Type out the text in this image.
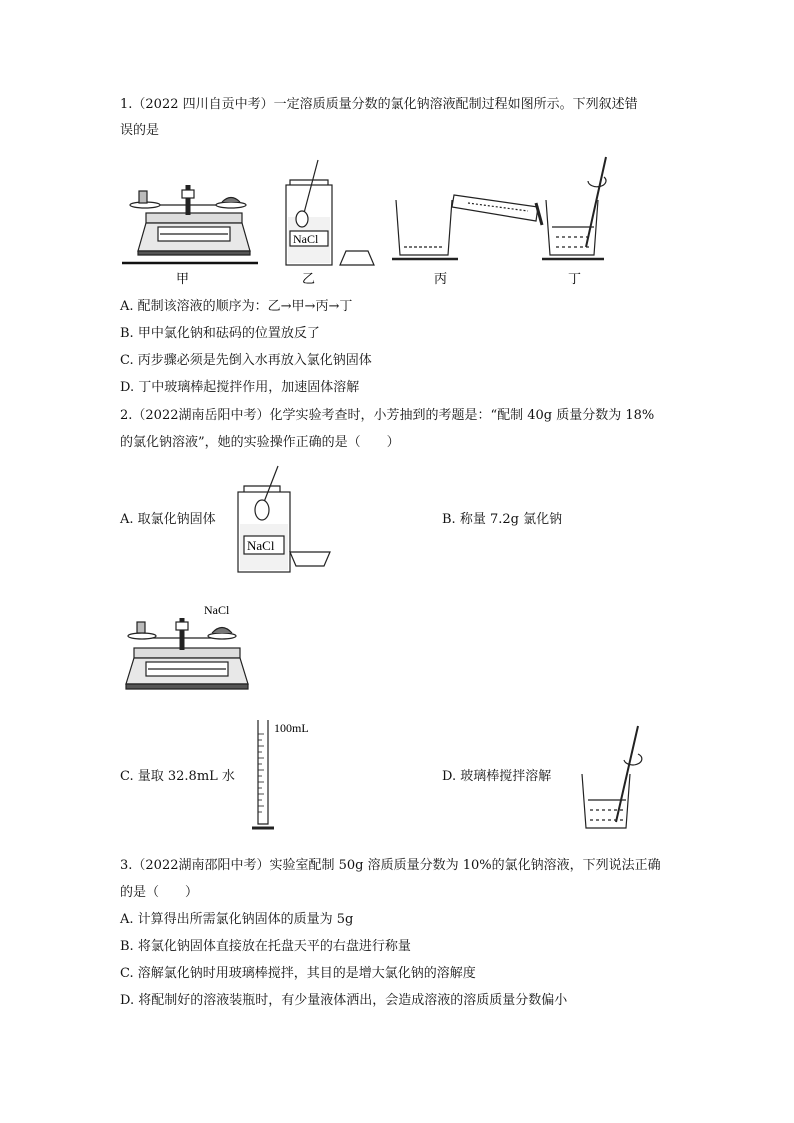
1.（2022 四川自贡中考）一定溶质质量分数的氯化钠溶液配制过程如图所示。下列叙述错
误的是
NaCl
甲	乙	丙	丁
A. 配制该溶液的顺序为：乙→甲→丙→丁
B. 甲中氯化钠和砝码的位置放反了
C. 丙步骤必须是先倒入水再放入氯化钠固体
D. 丁中玻璃棒起搅拌作用，加速固体溶解
2.（2022湖南岳阳中考）化学实验考查时，小芳抽到的考题是：“配制 40g 质量分数为 18%
的氯化钠溶液”，她的实验操作正确的是（　　）
A. 取氯化钠固体
NaCl
B. 称量 7.2g 氯化钠
NaCl
C. 量取 32.8mL 水
100mL
D. 玻璃棒搅拌溶解
3.（2022湖南邵阳中考）实验室配制 50g 溶质质量分数为 10%的氯化钠溶液，下列说法正确
的是（　　）
A. 计算得出所需氯化钠固体的质量为 5g
B. 将氯化钠固体直接放在托盘天平的右盘进行称量
C. 溶解氯化钠时用玻璃棒搅拌，其目的是增大氯化钠的溶解度
D. 将配制好的溶液装瓶时，有少量液体洒出，会造成溶液的溶质质量分数偏小
